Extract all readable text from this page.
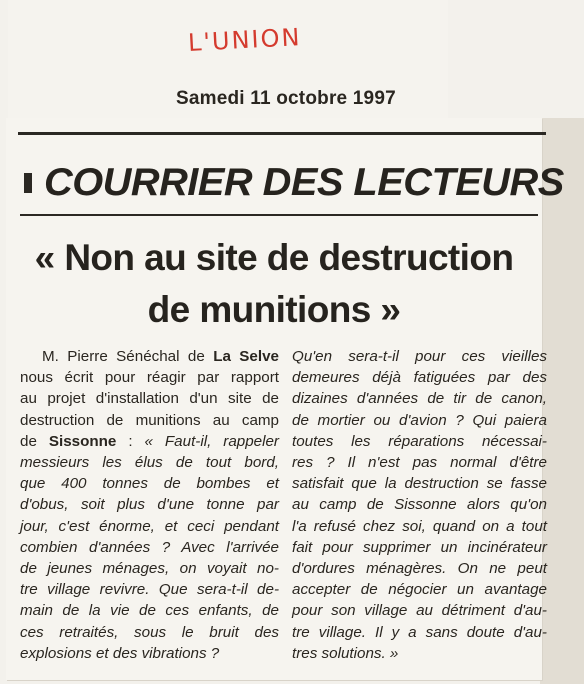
L'UNION
Samedi 11 octobre 1997
COURRIER DES LECTEURS
« Non au site de destruction
de munitions »
M. Pierre Sénéchal de La Selve
nous écrit pour réagir par rapport
au projet d'installation d'un site de
destruction de munitions au camp
de Sissonne : « Faut-il, rappeler
messieurs les élus de tout bord,
que 400 tonnes de bombes et
d'obus, soit plus d'une tonne par
jour, c'est énorme, et ceci pendant
combien d'années ? Avec l'arrivée
de jeunes ménages, on voyait no-
tre village revivre. Que sera-t-il de-
main de la vie de ces enfants, de
ces retraités, sous le bruit des
explosions et des vibrations ?
Qu'en sera-t-il pour ces vieilles
demeures déjà fatiguées par des
dizaines d'années de tir de canon,
de mortier ou d'avion ? Qui paiera
toutes les réparations nécessai-
res ? Il n'est pas normal d'être
satisfait que la destruction se fasse
au camp de Sissonne alors qu'on
l'a refusé chez soi, quand on a tout
fait pour supprimer un incinérateur
d'ordures ménagères. On ne peut
accepter de négocier un avantage
pour son village au détriment d'au-
tre village. Il y a sans doute d'au-
tres solutions. »
